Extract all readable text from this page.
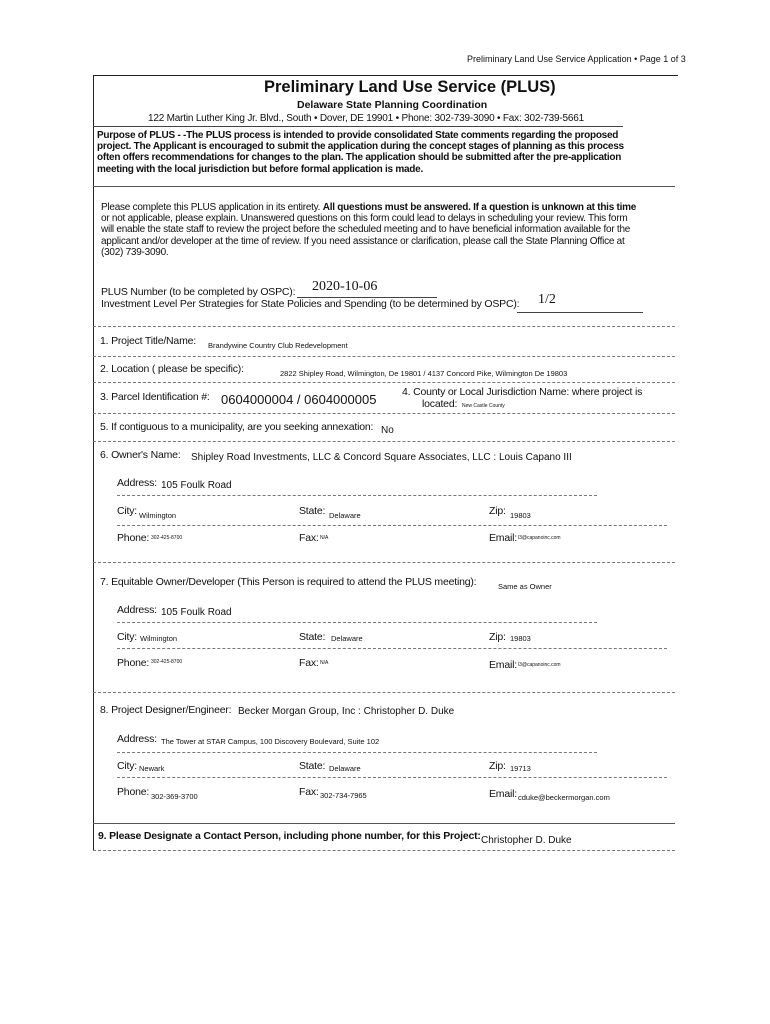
Preliminary Land Use Service Application • Page 1 of 3
Preliminary Land Use Service (PLUS)
Delaware State Planning Coordination
122 Martin Luther King Jr. Blvd., South • Dover, DE 19901 • Phone: 302-739-3090 • Fax: 302-739-5661
Purpose of PLUS - -The PLUS process is intended to provide consolidated State comments regarding the proposed
project. The Applicant is encouraged to submit the application during the concept stages of planning as this process
often offers recommendations for changes to the plan. The application should be submitted after the pre-application
meeting with the local jurisdiction but before formal application is made.
Please complete this PLUS application in its entirety. All questions must be answered. If a question is unknown at this time
or not applicable, please explain. Unanswered questions on this form could lead to delays in scheduling your review. This form
will enable the state staff to review the project before the scheduled meeting and to have beneficial information available for the
applicant and/or developer at the time of review. If you need assistance or clarification, please call the State Planning Office at
(302) 739-3090.
PLUS Number (to be completed by OSPC): 2020-10-06
Investment Level Per Strategies for State Policies and Spending (to be determined by OSPC): 1/2
1. Project Title/Name: Brandywine Country Club Redevelopment
2. Location ( please be specific):	2822 Shipley Road, Wilmington, De 19801 / 4137 Concord Pike, Wilmington De 19803
3. Parcel Identification #: 0604000004 / 0604000005 4. County or Local Jurisdiction Name: where project is
located: New Castle County
5. If contiguous to a municipality, are you seeking annexation: No
6. Owner's Name: Shipley Road Investments, LLC & Concord Square Associates, LLC : Louis Capano III
Address: 105 Foulk Road
City: Wilmington	State: Delaware	Zip: 19803
Phone: 302-425-8700	Fax: N/A	Email: l3@capanoinc.com
7. Equitable Owner/Developer (This Person is required to attend the PLUS meeting):	Same as Owner
Address: 105 Foulk Road
City: Wilmington	State: Delaware	Zip: 19803
Phone: 302-425-8700	Fax: N/A	Email: l3@capanoinc.com
8. Project Designer/Engineer: Becker Morgan Group, Inc : Christopher D. Duke
Address: The Tower at STAR Campus, 100 Discovery Boulevard, Suite 102
City: Newark	State: Delaware	Zip: 19713
Phone: 302-369-3700	Fax: 302-734-7965	Email: cduke@beckermorgan.com
9. Please Designate a Contact Person, including phone number, for this Project: Christopher D. Duke
